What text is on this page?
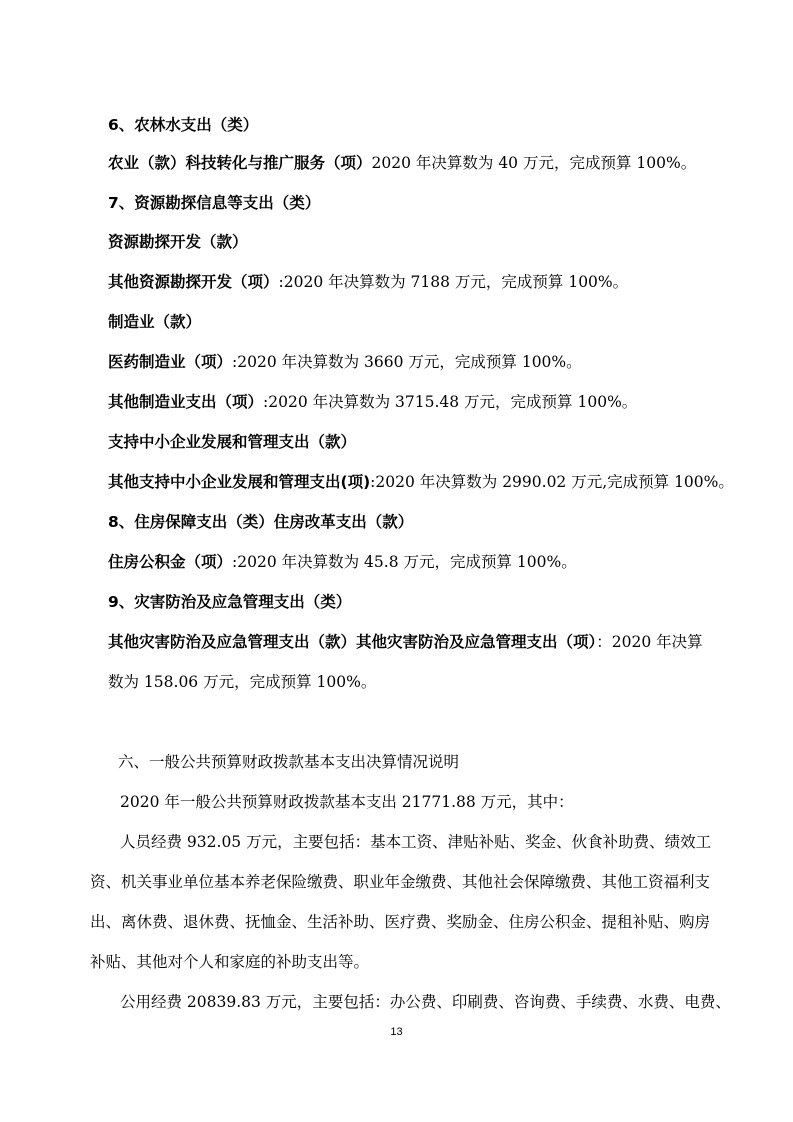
6、农林水支出（类）
农业（款）科技转化与推广服务（项）2020 年决算数为 40 万元，完成预算 100%。
7、资源勘探信息等支出（类）
资源勘探开发（款）
其他资源勘探开发（项）:2020 年决算数为 7188 万元，完成预算 100%。
制造业（款）
医药制造业（项）:2020 年决算数为 3660 万元，完成预算 100%。
其他制造业支出（项）:2020 年决算数为 3715.48 万元，完成预算 100%。
支持中小企业发展和管理支出（款）
其他支持中小企业发展和管理支出(项):2020 年决算数为 2990.02 万元,完成预算 100%。
8、住房保障支出（类）住房改革支出（款）
住房公积金（项）:2020 年决算数为 45.8 万元，完成预算 100%。
9、灾害防治及应急管理支出（类）
其他灾害防治及应急管理支出（款）其他灾害防治及应急管理支出（项）：2020 年决算
数为 158.06 万元，完成预算 100%。
六、一般公共预算财政拨款基本支出决算情况说明
2020 年一般公共预算财政拨款基本支出 21771.88 万元，其中：
人员经费 932.05 万元，主要包括：基本工资、津贴补贴、奖金、伙食补助费、绩效工
资、机关事业单位基本养老保险缴费、职业年金缴费、其他社会保障缴费、其他工资福利支
出、离休费、退休费、抚恤金、生活补助、医疗费、奖励金、住房公积金、提租补贴、购房
补贴、其他对个人和家庭的补助支出等。
公用经费 20839.83 万元，主要包括：办公费、印刷费、咨询费、手续费、水费、电费、
13
